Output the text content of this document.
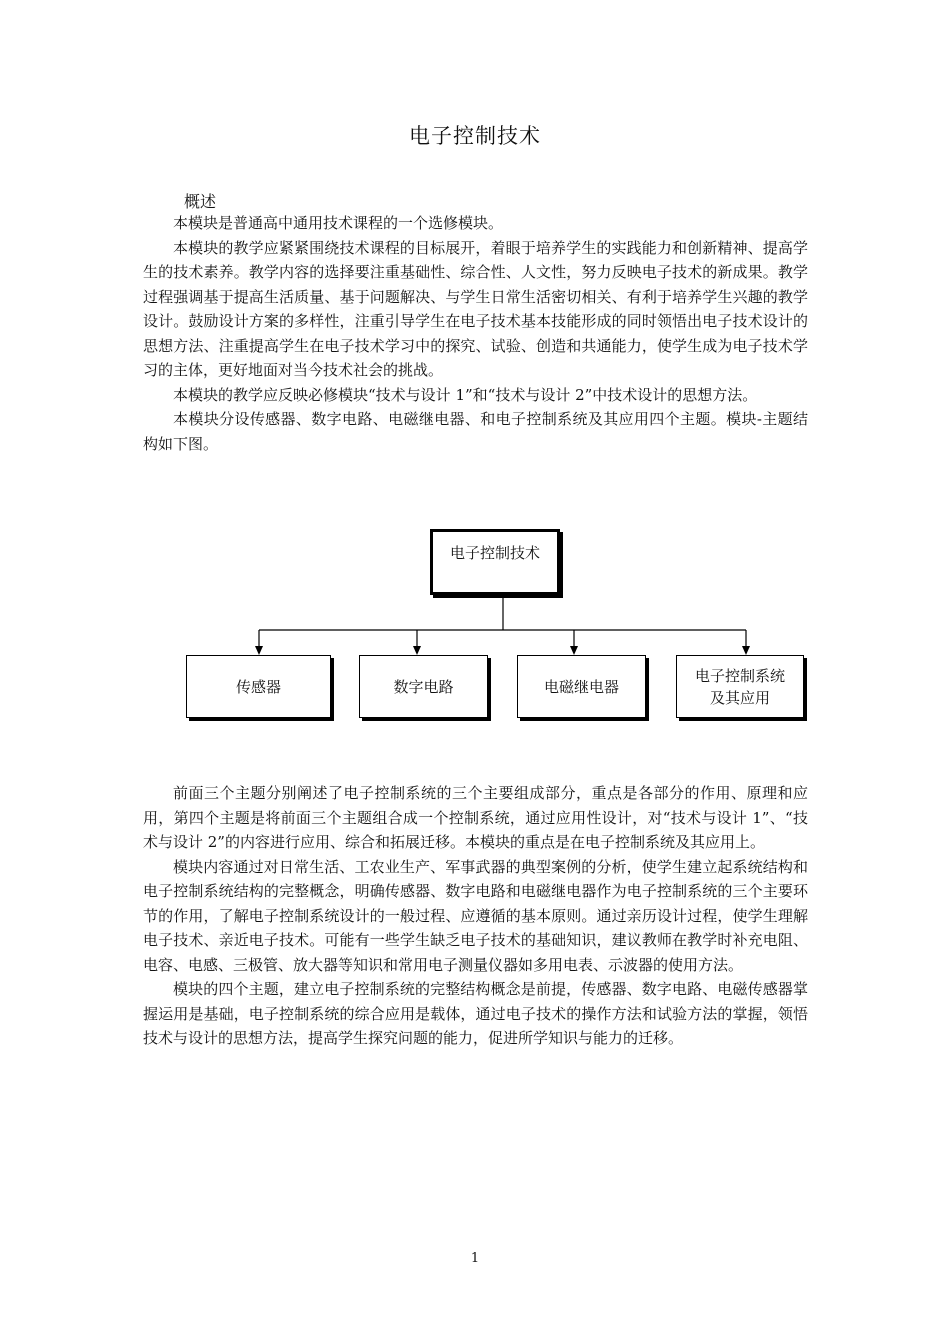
电子控制技术
概述

本模块是普通高中通用技术课程的一个选修模块。

本模块的教学应紧紧围绕技术课程的目标展开，着眼于培养学生的实践能力和创新精神、提高学生的技术素养。教学内容的选择要注重基础性、综合性、人文性，努力反映电子技术的新成果。教学过程强调基于提高生活质量、基于问题解决、与学生日常生活密切相关、有利于培养学生兴趣的教学设计。鼓励设计方案的多样性，注重引导学生在电子技术基本技能形成的同时领悟出电子技术设计的思想方法、注重提高学生在电子技术学习中的探究、试验、创造和共通能力，使学生成为电子技术学习的主体，更好地面对当今技术社会的挑战。

本模块的教学应反映必修模块“技术与设计 1”和“技术与设计 2”中技术设计的思想方法。

本模块分设传感器、数字电路、电磁继电器、和电子控制系统及其应用四个主题。模块-主题结构如下图。

电子控制技术
传感器	数字电路	电磁继电器
电子控制系统
及其应用

前面三个主题分别阐述了电子控制系统的三个主要组成部分，重点是各部分的作用、原理和应用，第四个主题是将前面三个主题组合成一个控制系统，通过应用性设计，对“技术与设计 1”、“技术与设计 2”的内容进行应用、综合和拓展迁移。本模块的重点是在电子控制系统及其应用上。

模块内容通过对日常生活、工农业生产、军事武器的典型案例的分析，使学生建立起系统结构和电子控制系统结构的完整概念，明确传感器、数字电路和电磁继电器作为电子控制系统的三个主要环节的作用，了解电子控制系统设计的一般过程、应遵循的基本原则。通过亲历设计过程，使学生理解电子技术、亲近电子技术。可能有一些学生缺乏电子技术的基础知识，建议教师在教学时补充电阻、电容、电感、三极管、放大器等知识和常用电子测量仪器如多用电表、示波器的使用方法。

模块的四个主题，建立电子控制系统的完整结构概念是前提，传感器、数字电路、电磁传感器掌握运用是基础，电子控制系统的综合应用是载体，通过电子技术的操作方法和试验方法的掌握，领悟技术与设计的思想方法，提高学生探究问题的能力，促进所学知识与能力的迁移。

1
